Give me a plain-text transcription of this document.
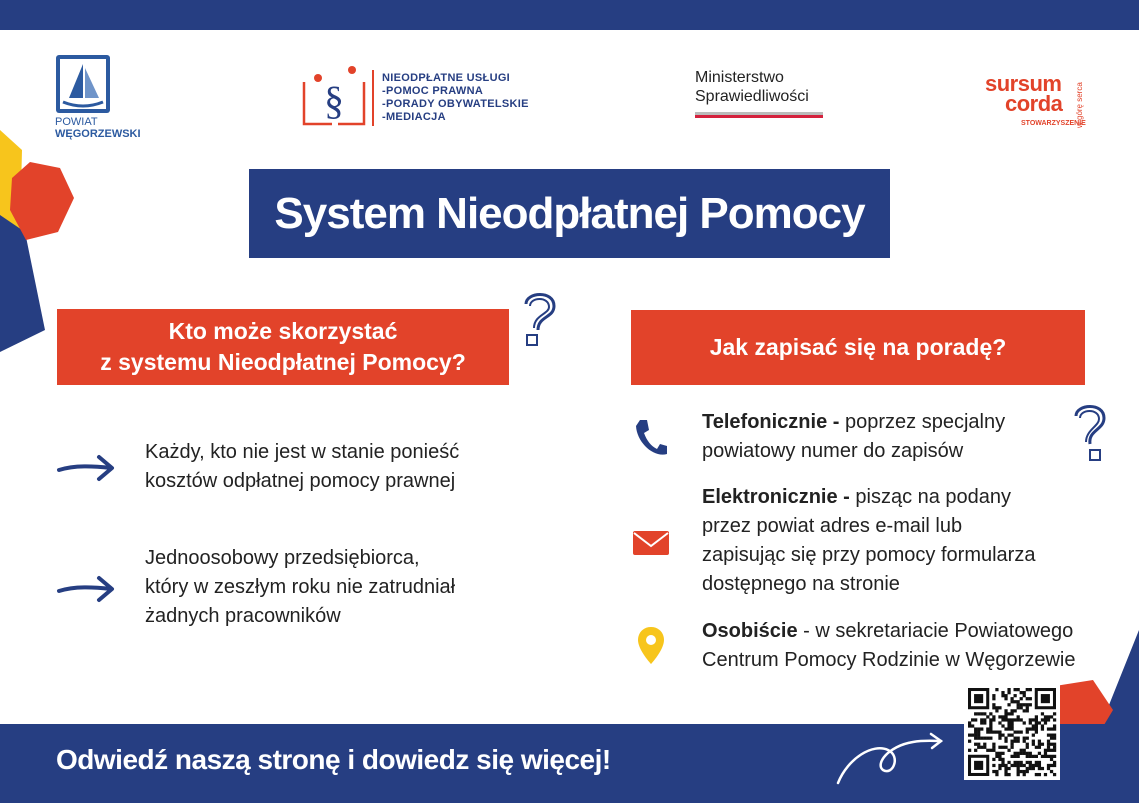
POWIAT
WĘGORZEWSKI
§	NIEODPŁATNE USŁUGI
-POMOC PRAWNA
-PORADY OBYWATELSKIE
-MEDIACJA
Ministerstwo
Sprawiedliwości
sursum
corda
STOWARZYSZENIE
w górę serca
System Nieodpłatnej Pomocy
Kto może skorzystać
z systemu Nieodpłatnej Pomocy?
Jak zapisać się na poradę?
Każdy, kto nie jest w stanie ponieść
kosztów odpłatnej pomocy prawnej
Jednoosobowy przedsiębiorca,
który w zeszłym roku nie zatrudniał
żadnych pracowników
Telefonicznie - poprzez specjalny
powiatowy numer do zapisów
Elektronicznie - pisząc na podany
przez powiat adres e-mail lub
zapisując się przy pomocy formularza
dostępnego na stronie
Osobiście - w sekretariacie Powiatowego
Centrum Pomocy Rodzinie w Węgorzewie
Odwiedź naszą stronę i dowiedz się więcej!
